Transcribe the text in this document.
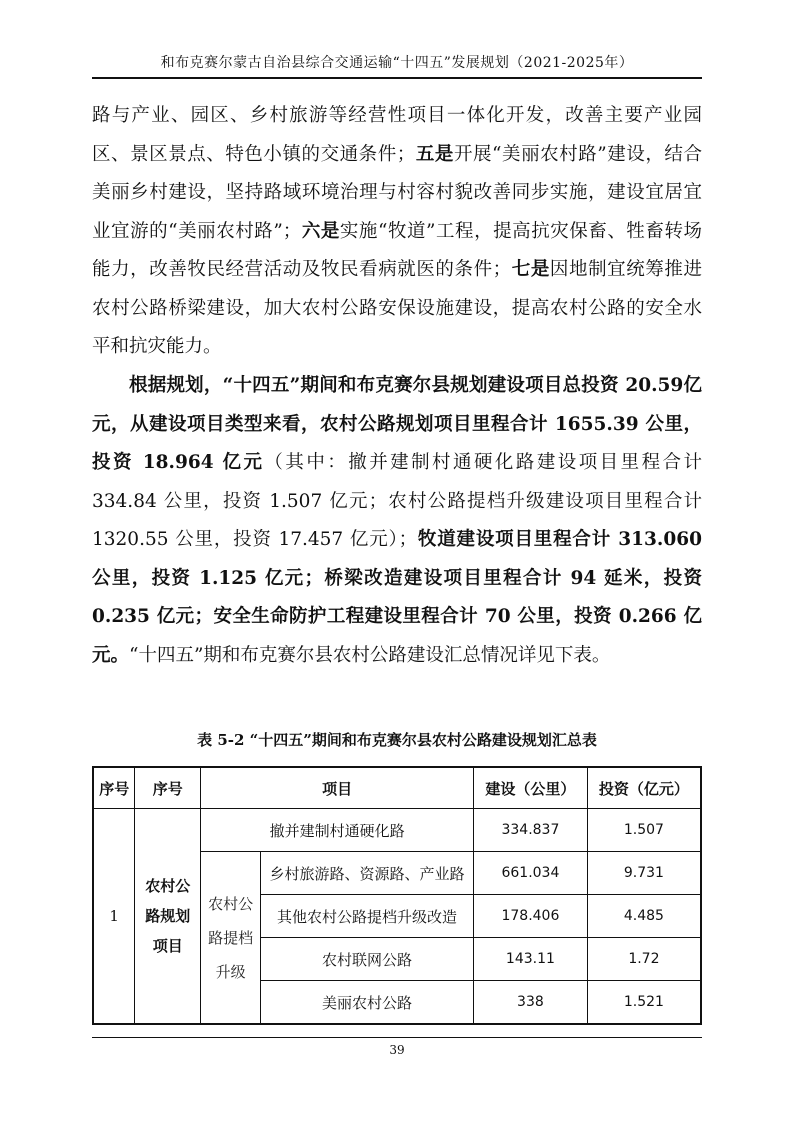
和布克赛尔蒙古自治县综合交通运输“十四五”发展规划（2021-2025年）

路与产业、园区、乡村旅游等经营性项目一体化开发，改善主要产业园区、景区景点、特色小镇的交通条件；五是开展“美丽农村路”建设，结合美丽乡村建设，坚持路域环境治理与村容村貌改善同步实施，建设宜居宜业宜游的“美丽农村路”；六是实施“牧道”工程，提高抗灾保畜、牲畜转场能力，改善牧民经营活动及牧民看病就医的条件；七是因地制宜统筹推进农村公路桥梁建设，加大农村公路安保设施建设，提高农村公路的安全水平和抗灾能力。

根据规划，“十四五”期间和布克赛尔县规划建设项目总投资 20.59亿元，从建设项目类型来看，农村公路规划项目里程合计 1655.39 公里，投资 18.964 亿元（其中：撤并建制村通硬化路建设项目里程合计 334.84 公里，投资 1.507 亿元；农村公路提档升级建设项目里程合计 1320.55 公里，投资 17.457 亿元）；牧道建设项目里程合计 313.060 公里，投资 1.125 亿元；桥梁改造建设项目里程合计 94 延米，投资 0.235 亿元；安全生命防护工程建设里程合计 70 公里，投资 0.266 亿元。“十四五”期和布克赛尔县农村公路建设汇总情况详见下表。

表 5-2 “十四五”期间和布克赛尔县农村公路建设规划汇总表
序号	序号	项目		建设（公里）	投资（亿元）
1	农村公路规划项目	撤并建制村通硬化路		334.837	1.507
		农村公路提档升级	乡村旅游路、资源路、产业路	661.034	9.731
			其他农村公路提档升级改造	178.406	4.485
			农村联网公路	143.11	1.72
			美丽农村公路	338	1.521
39
